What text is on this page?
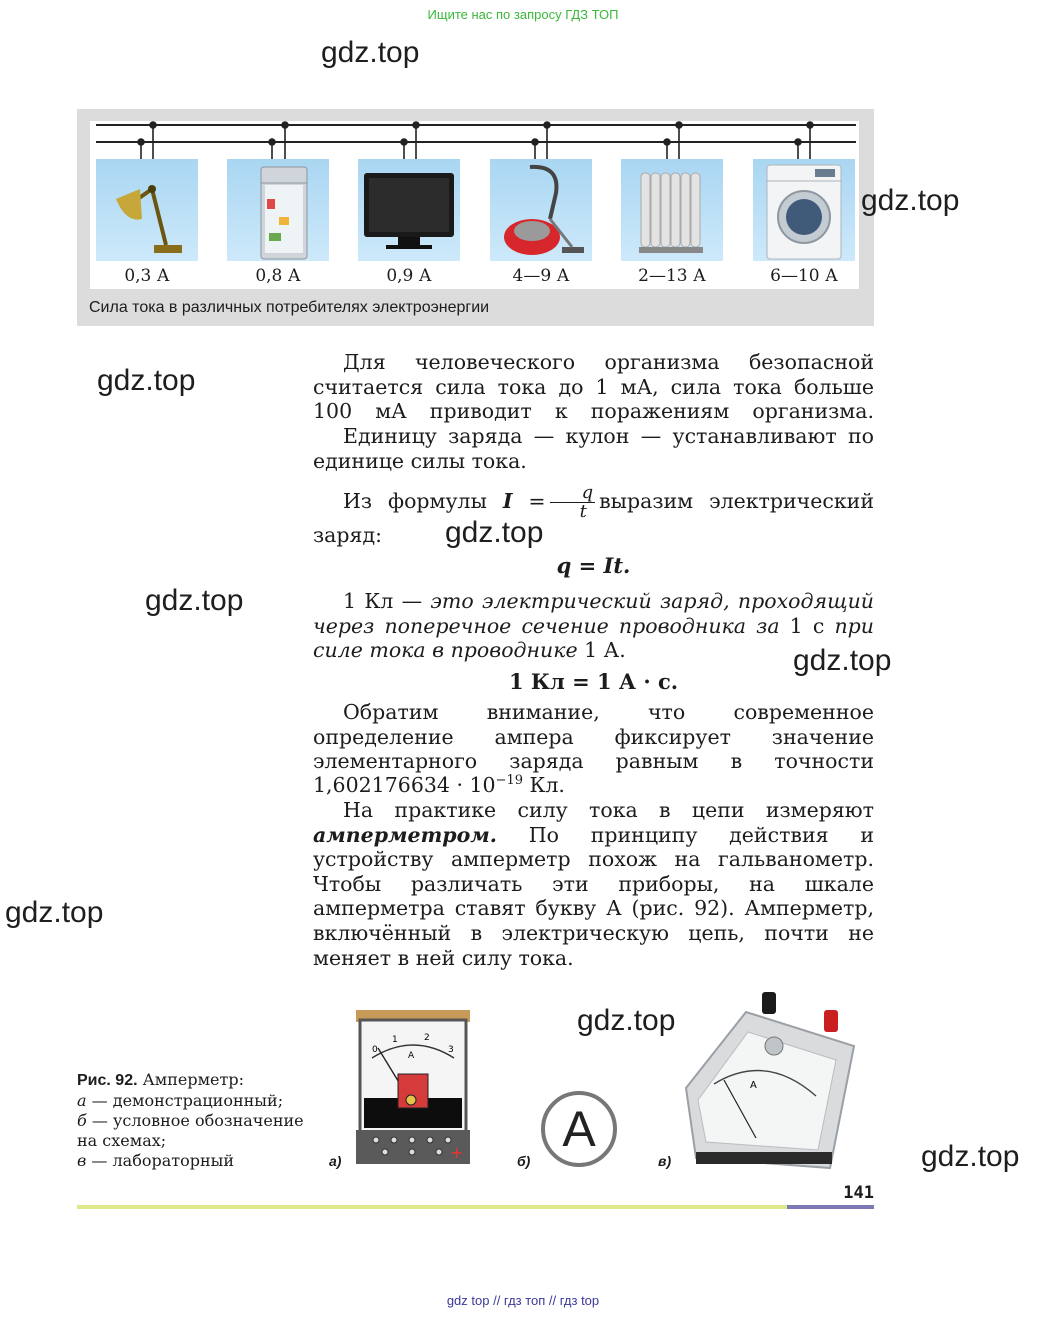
Ищите нас по запросу ГДЗ ТОП
0,3 А	0,8 А	0,9 А	4—9 А	2—13 А	6—10 А
Сила тока в различных потребителях электроэнергии
Для человеческого организма безопасной считается сила тока до 1 мА, сила тока больше 100 мА приводит к поражениям организма.
Единицу заряда — кулон — устанавливают по единице силы тока.
Из формулы $I = \frac{q}{t}$ выразим электрический
заряд:
q = It.
1 Кл — это электрический заряд, проходящий через поперечное сечение проводника за 1 с при силе тока в проводнике 1 А.
1 Кл = 1 А · с.
Обратим внимание, что современное определение ампера фиксирует значение элементарного заряда равным в точности
$1,602176634 \cdot 10^{-19}$ Кл.
На практике силу тока в цепи измеряют амперметром. По принципу действия и устройству амперметр похож на гальванометр. Чтобы различать эти приборы, на шкале амперметра ставят букву А (рис. 92). Амперметр, включённый в электрическую цепь, почти не меняет в ней силу тока.
Рис. 92. Амперметр:
а — демонстрационный;
б — условное обозначение на схемах;
в — лабораторный
0
1	2
3
A
+
а)
A
б)
A
в)
141
gdz.top
gdz.top
gdz.top
gdz.top
gdz.top
gdz.top
gdz.top
gdz.top
gdz.top
gdz top // гдз топ // гдз top
